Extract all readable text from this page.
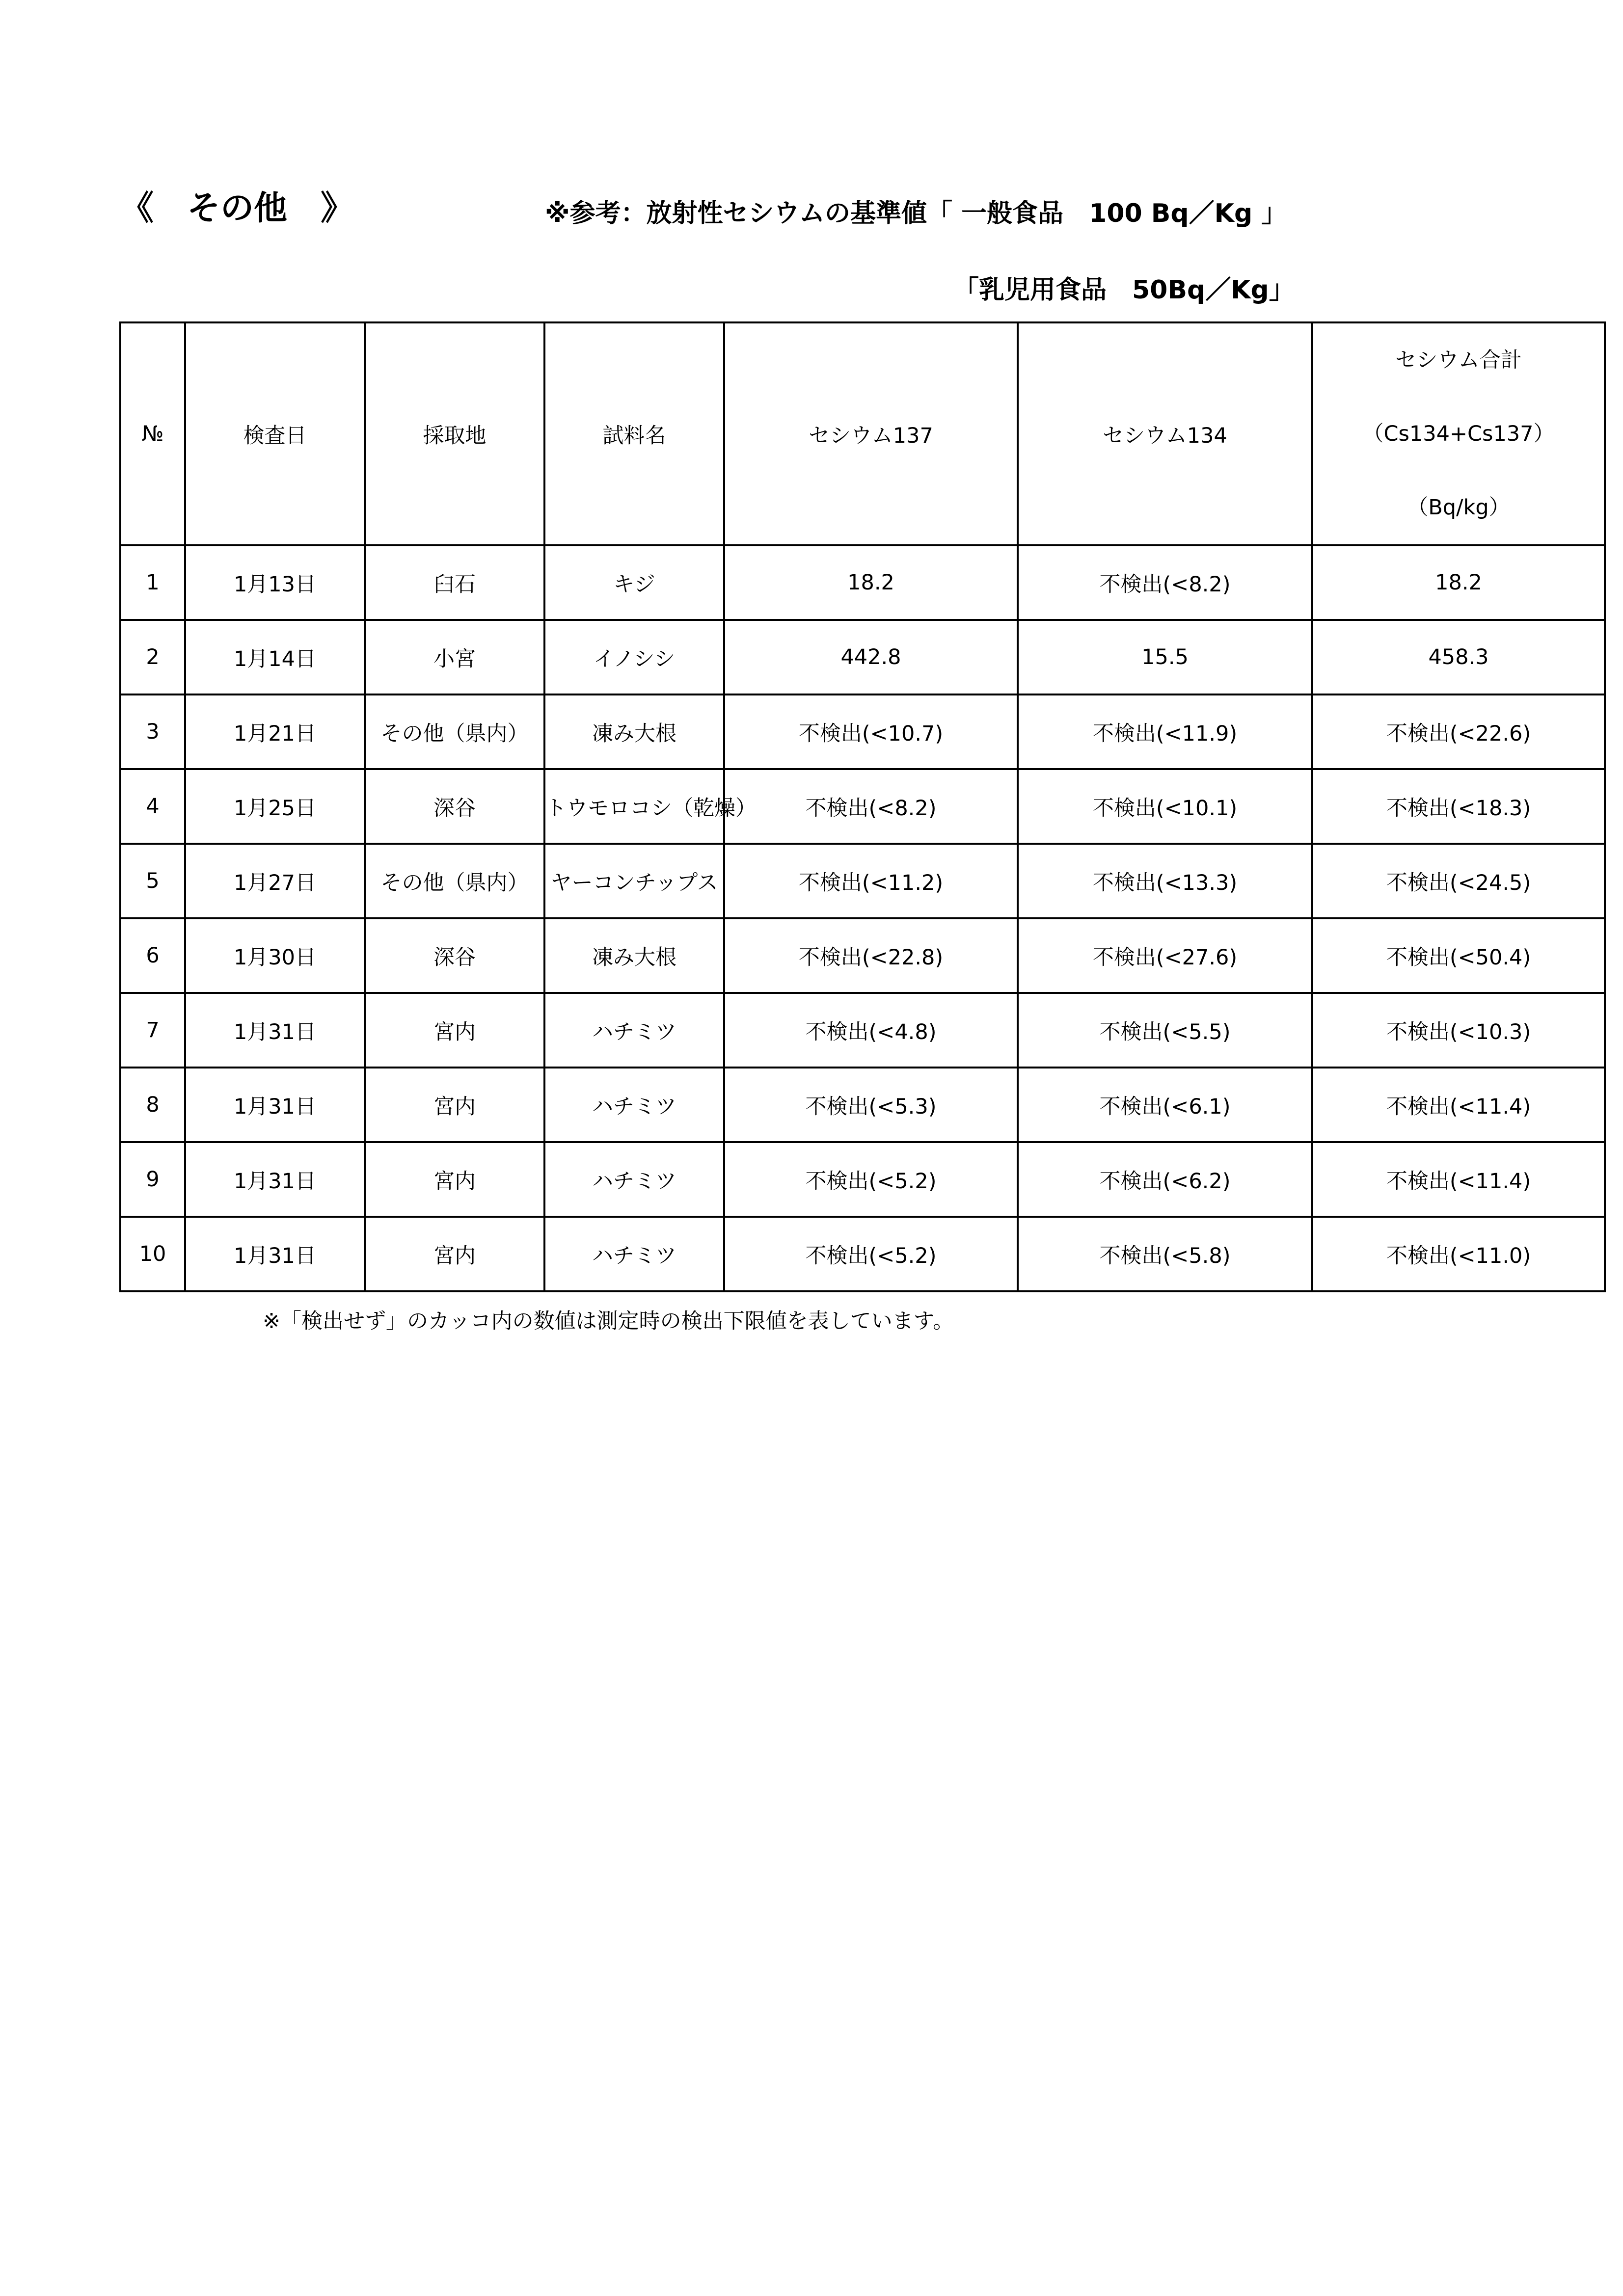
《　その他　》	※参考：放射性セシウムの基準値「 一般食品　100 Bq／Kg 」
「乳児用食品　50Bq／Kg」
№	検査日	採取地	試料名	セシウム137	セシウム134	セシウム合計
（Cs134+Cs137）
（Bq/kg）

1	1月13日	臼石	キジ	18.2	不検出(<8.2)	18.2
2	1月14日	小宮	イノシシ	442.8	15.5	458.3
3	1月21日	その他（県内）	凍み大根	不検出(<10.7)	不検出(<11.9)	不検出(<22.6)
4	1月25日	深谷	トウモロコシ（乾燥）	不検出(<8.2)	不検出(<10.1)	不検出(<18.3)
5	1月27日	その他（県内）	ヤーコンチップス	不検出(<11.2)	不検出(<13.3)	不検出(<24.5)
6	1月30日	深谷	凍み大根	不検出(<22.8)	不検出(<27.6)	不検出(<50.4)
7	1月31日	宮内	ハチミツ	不検出(<4.8)	不検出(<5.5)	不検出(<10.3)
8	1月31日	宮内	ハチミツ	不検出(<5.3)	不検出(<6.1)	不検出(<11.4)
9	1月31日	宮内	ハチミツ	不検出(<5.2)	不検出(<6.2)	不検出(<11.4)
10	1月31日	宮内	ハチミツ	不検出(<5.2)	不検出(<5.8)	不検出(<11.0)
※「検出せず」のカッコ内の数値は測定時の検出下限値を表しています。
